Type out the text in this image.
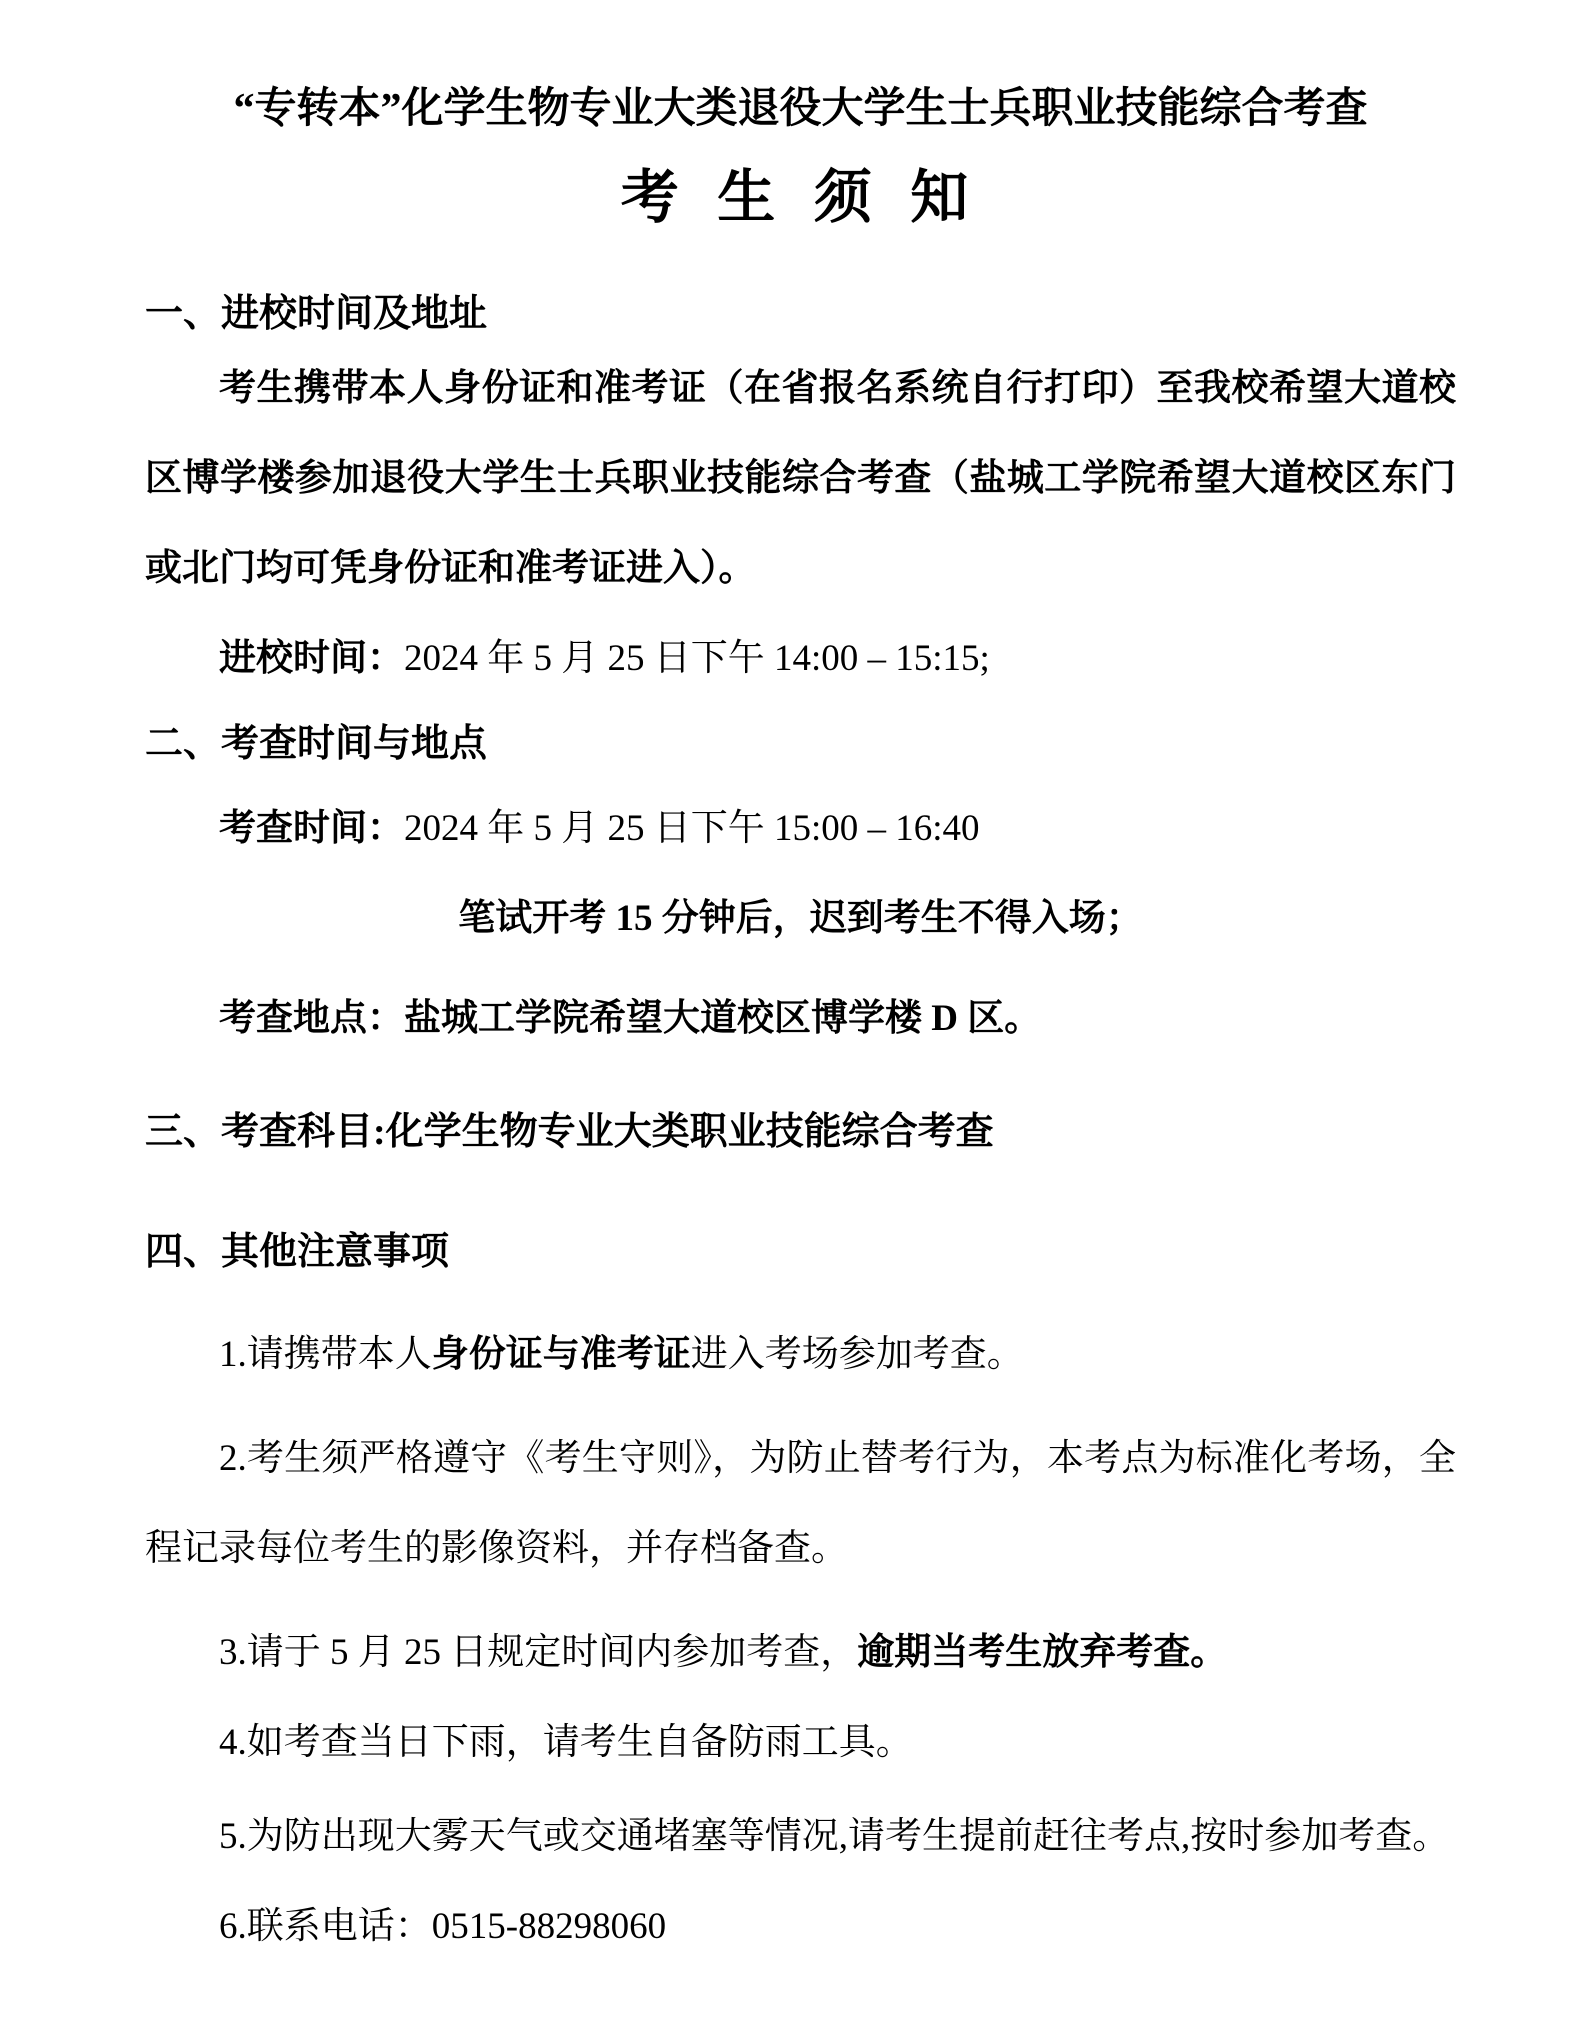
“专转本”化学生物专业大类退役大学生士兵职业技能综合考查
考 生 须 知
一、进校时间及地址

考生携带本人身份证和准考证（在省报名系统自行打印）至我校希望大道校区博学楼参加退役大学生士兵职业技能综合考查（盐城工学院希望大道校区东门或北门均可凭身份证和准考证进入）。

进校时间：2024 年 5 月 25 日下午 14:00 – 15:15;

二、考查时间与地点

考查时间：2024 年 5 月 25 日下午 15:00 – 16:40

笔试开考 15 分钟后，迟到考生不得入场；

考查地点：盐城工学院希望大道校区博学楼 D 区。

三、考查科目:化学生物专业大类职业技能综合考查
四、其他注意事项

1.请携带本人身份证与准考证进入考场参加考查。

2.考生须严格遵守《考生守则》，为防止替考行为，本考点为标准化考场，全程记录每位考生的影像资料，并存档备查。

3.请于 5 月 25 日规定时间内参加考查，逾期当考生放弃考查。

4.如考查当日下雨，请考生自备防雨工具。

5.为防出现大雾天气或交通堵塞等情况,请考生提前赶往考点,按时参加考查。

6.联系电话：0515-88298060
